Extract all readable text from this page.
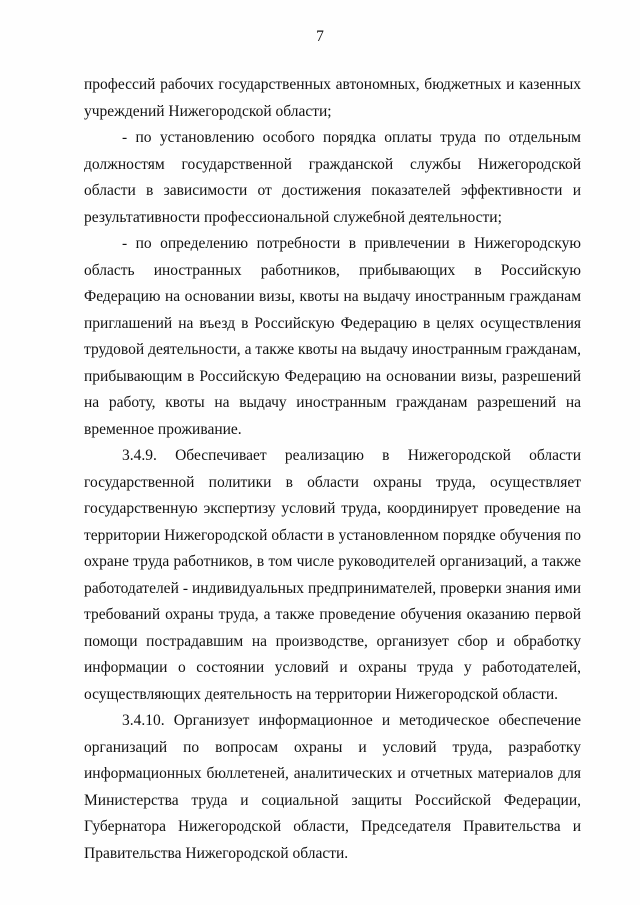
7

профессий рабочих государственных автономных, бюджетных и казенных учреждений Нижегородской области;

- по установлению особого порядка оплаты труда по отдельным должностям государственной гражданской службы Нижегородской области в зависимости от достижения показателей эффективности и результативности профессиональной служебной деятельности;

- по определению потребности в привлечении в Нижегородскую область иностранных работников, прибывающих в Российскую Федерацию на основании визы, квоты на выдачу иностранным гражданам приглашений на въезд в Российскую Федерацию в целях осуществления трудовой деятельности, а также квоты на выдачу иностранным гражданам, прибывающим в Российскую Федерацию на основании визы, разрешений на работу, квоты на выдачу иностранным гражданам разрешений на временное проживание.

3.4.9. Обеспечивает реализацию в Нижегородской области государственной политики в области охраны труда, осуществляет государственную экспертизу условий труда, координирует проведение на территории Нижегородской области в установленном порядке обучения по охране труда работников, в том числе руководителей организаций, а также работодателей - индивидуальных предпринимателей, проверки знания ими требований охраны труда, а также проведение обучения оказанию первой помощи пострадавшим на производстве, организует сбор и обработку информации о состоянии условий и охраны труда у работодателей, осуществляющих деятельность на территории Нижегородской области.

3.4.10. Организует информационное и методическое обеспечение организаций по вопросам охраны и условий труда, разработку информационных бюллетеней, аналитических и отчетных материалов для Министерства труда и социальной защиты Российской Федерации, Губернатора Нижегородской области, Председателя Правительства и Правительства Нижегородской области.
